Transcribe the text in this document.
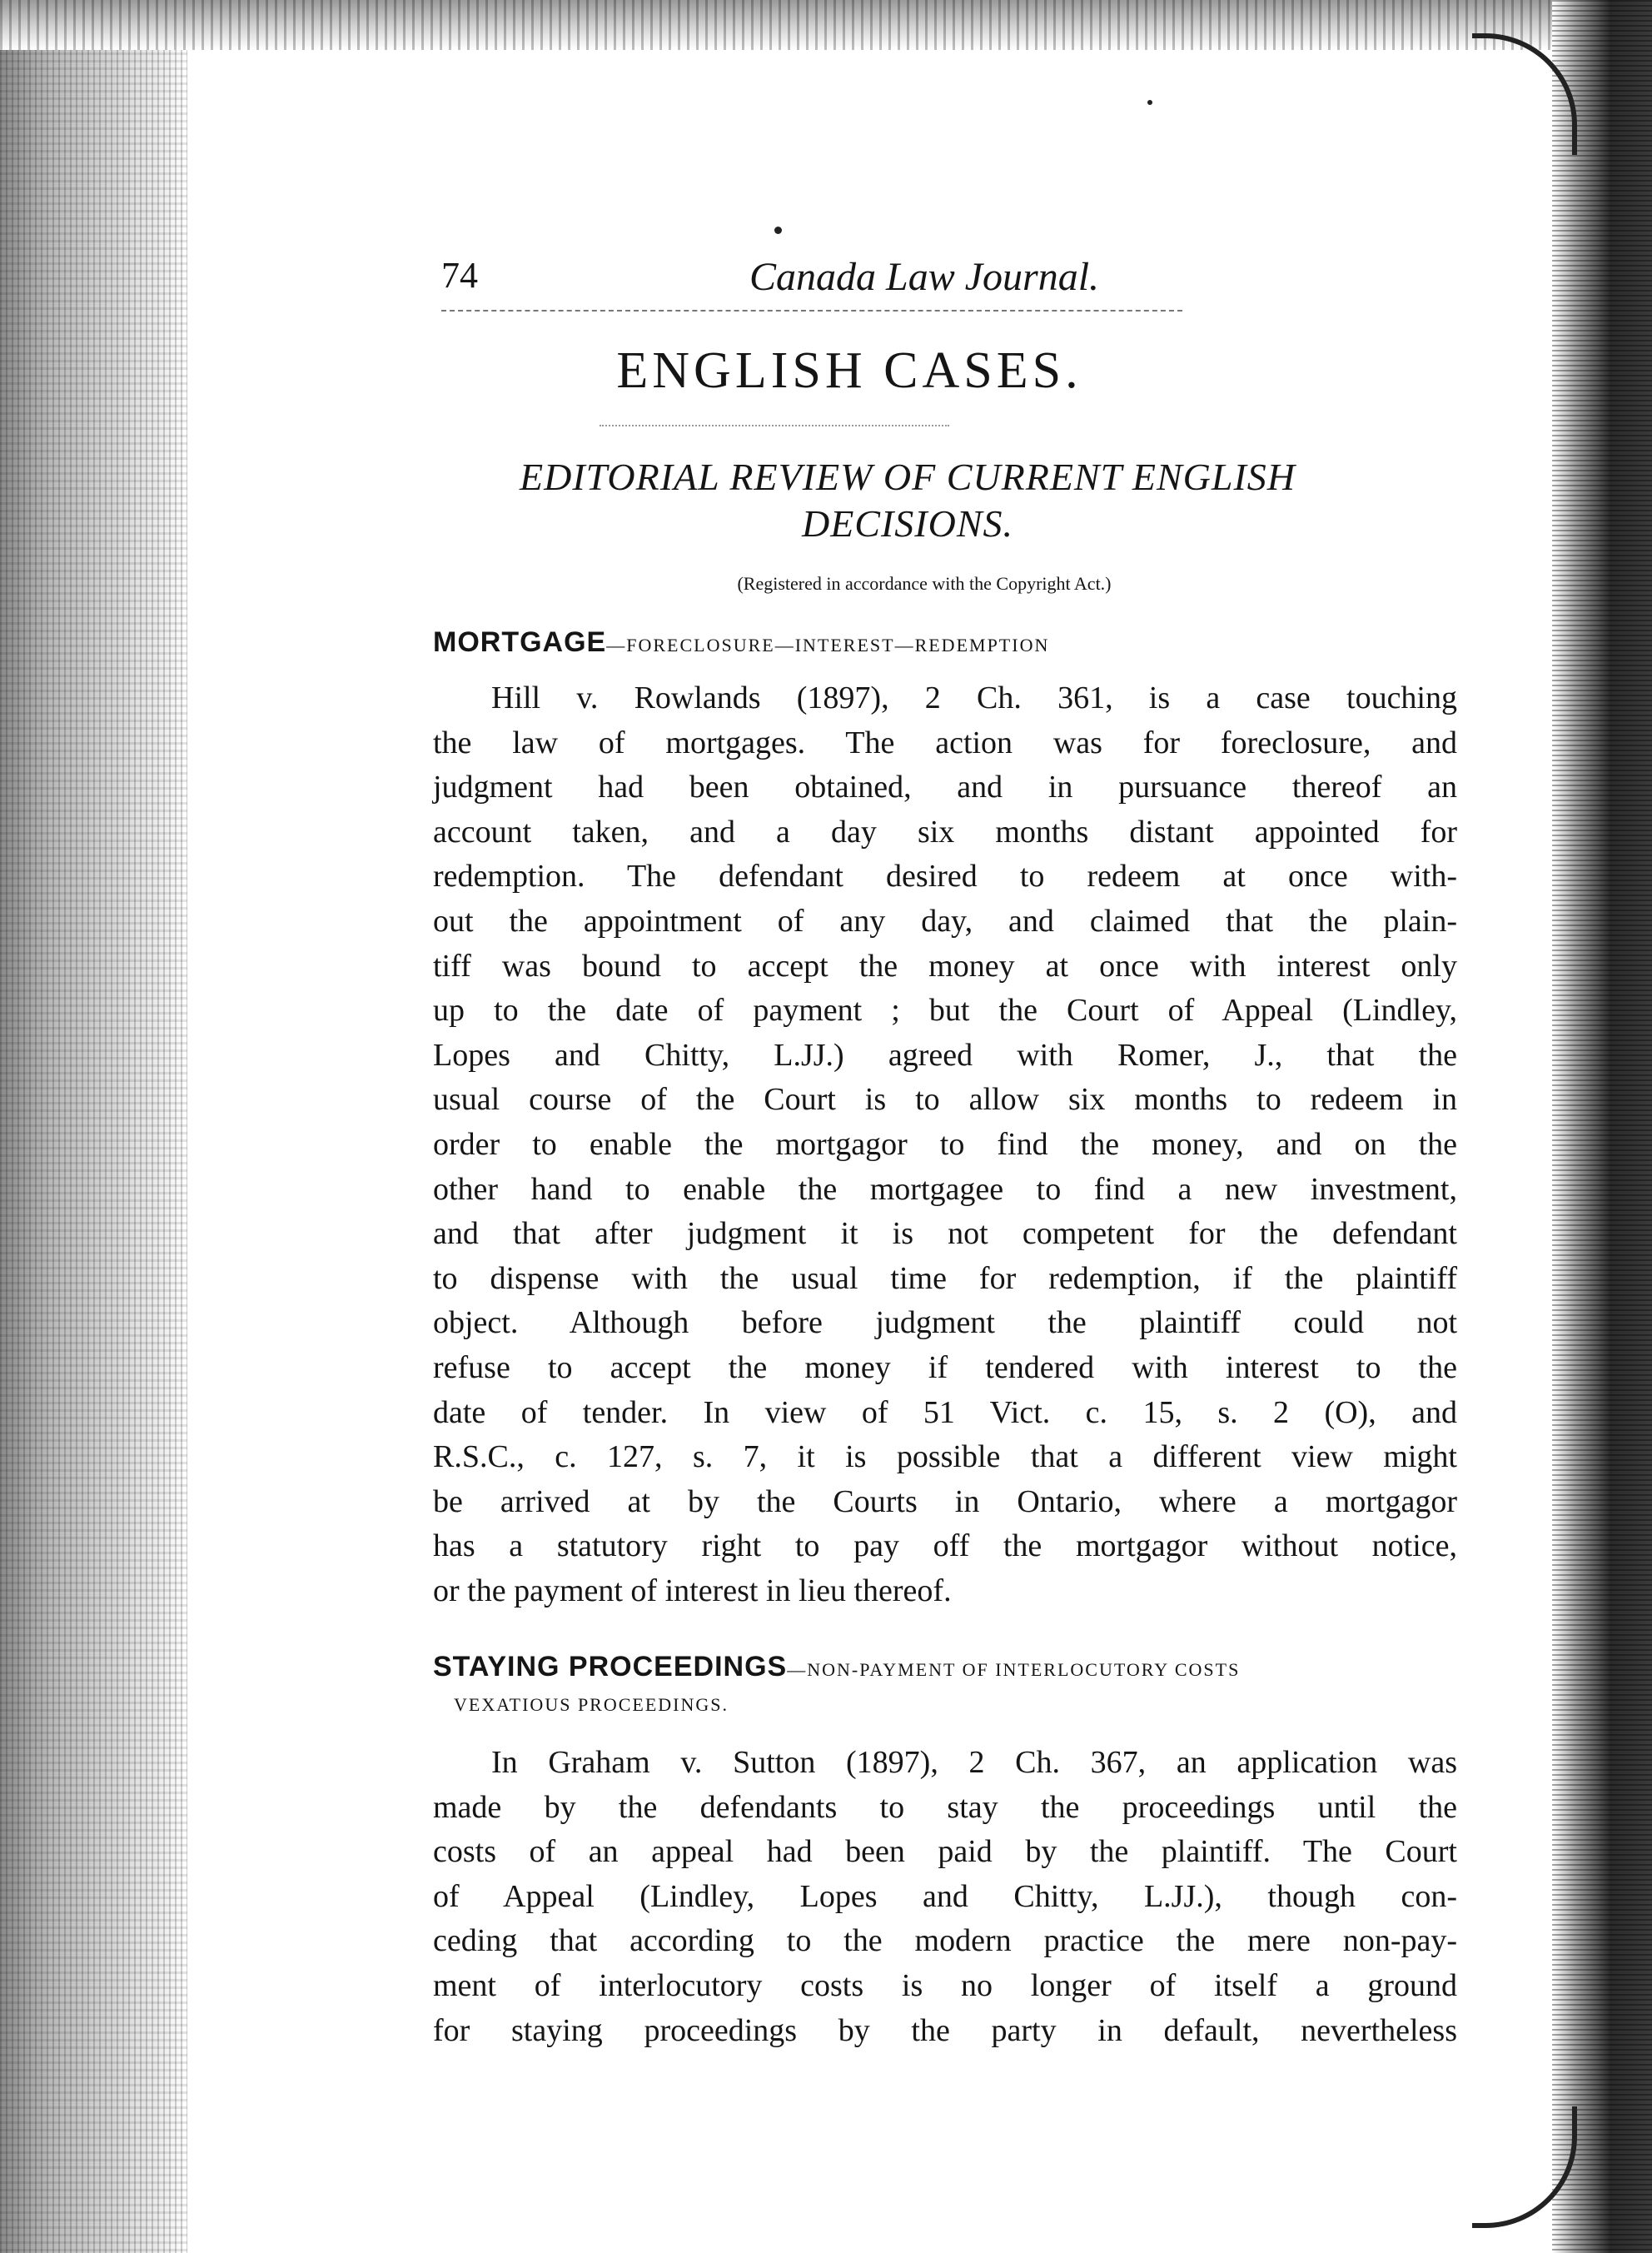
74	Canada Law Journal.
ENGLISH CASES.
EDITORIAL REVIEW OF CURRENT ENGLISH
DECISIONS.
(Registered in accordance with the Copyright Act.)
MORTGAGE—FORECLOSURE—INTEREST—REDEMPTION
Hill v. Rowlands (1897), 2 Ch. 361, is a case touching
the law of mortgages. The action was for foreclosure, and
judgment had been obtained, and in pursuance thereof an
account taken, and a day six months distant appointed for
redemption. The defendant desired to redeem at once with-
out the appointment of any day, and claimed that the plain-
tiff was bound to accept the money at once with interest only
up to the date of payment ; but the Court of Appeal (Lindley,
Lopes and Chitty, L.JJ.) agreed with Romer, J., that the
usual course of the Court is to allow six months to redeem in
order to enable the mortgagor to find the money, and on the
other hand to enable the mortgagee to find a new investment,
and that after judgment it is not competent for the defendant
to dispense with the usual time for redemption, if the plaintiff
object. Although before judgment the plaintiff could not
refuse to accept the money if tendered with interest to the
date of tender. In view of 51 Vict. c. 15, s. 2 (O), and
R.S.C., c. 127, s. 7, it is possible that a different view might
be arrived at by the Courts in Ontario, where a mortgagor
has a statutory right to pay off the mortgagor without notice,
or the payment of interest in lieu thereof.
STAYING PROCEEDINGS—NON-PAYMENT OF INTERLOCUTORY COSTS
VEXATIOUS PROCEEDINGS.
In Graham v. Sutton (1897), 2 Ch. 367, an application was
made by the defendants to stay the proceedings until the
costs of an appeal had been paid by the plaintiff. The Court
of Appeal (Lindley, Lopes and Chitty, L.JJ.), though con-
ceding that according to the modern practice the mere non-pay-
ment of interlocutory costs is no longer of itself a ground
for staying proceedings by the party in default, nevertheless
